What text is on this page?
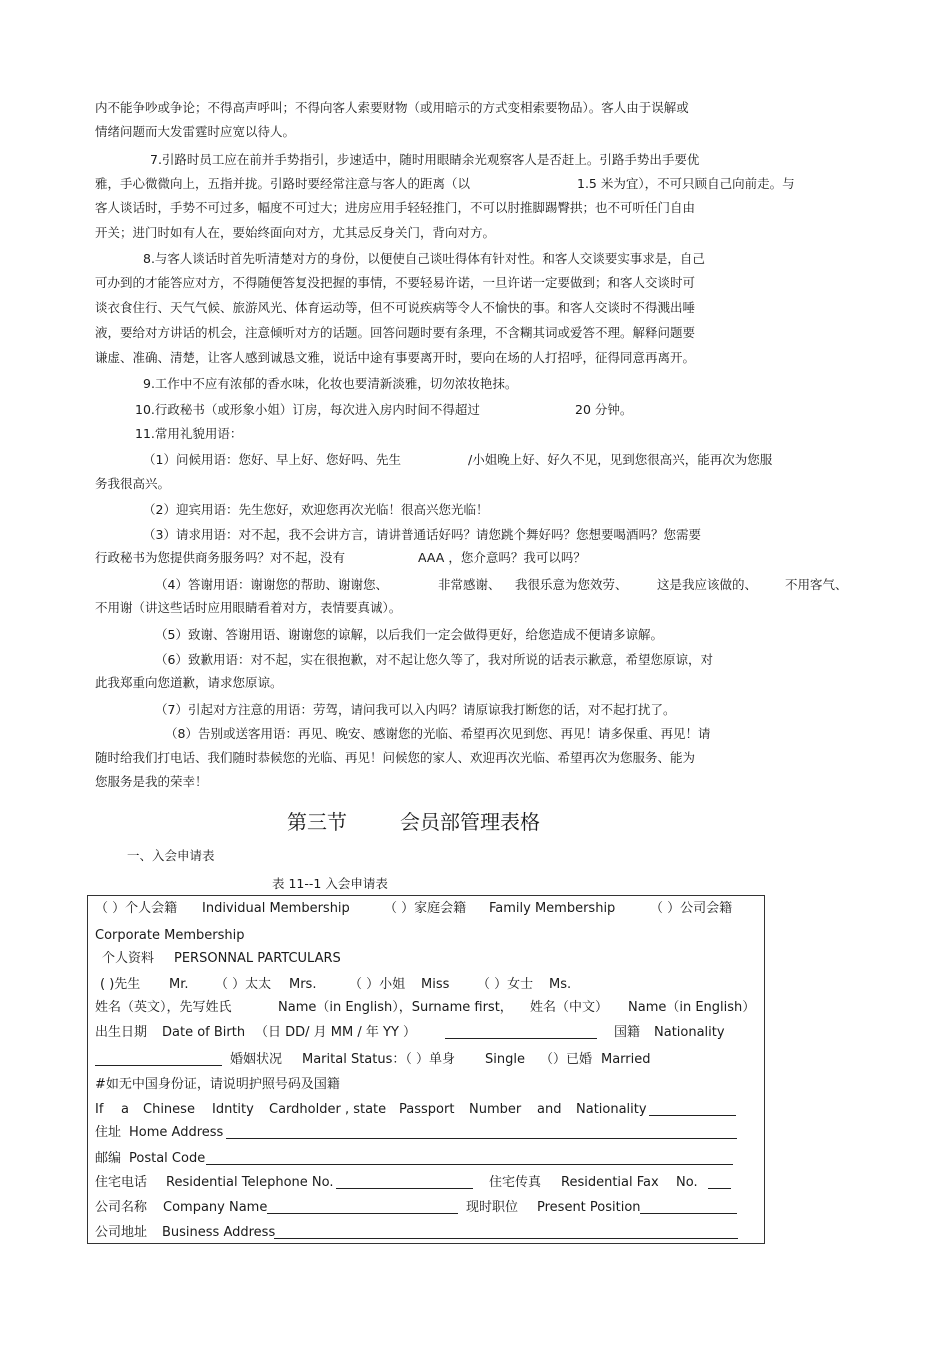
内不能争吵或争论；不得高声呼叫；不得向客人索要财物（或用暗示的方式变相索要物品）。客人由于误解或
情绪问题而大发雷霆时应宽以待人。
7.引路时员工应在前并手势指引，步速适中，随时用眼睛余光观察客人是否赶上。引路手势出手要优
雅，手心微微向上，五指并拢。引路时要经常注意与客人的距离（以	1.5 米为宜），不可只顾自己向前走。与
客人谈话时，手势不可过多，幅度不可过大；进房应用手轻轻推门，不可以肘推脚踢臀拱；也不可听任门自由
开关；进门时如有人在，要始终面向对方，尤其忌反身关门，背向对方。
8.与客人谈话时首先听清楚对方的身份，以便使自己谈吐得体有针对性。和客人交谈要实事求是，自己
可办到的才能答应对方，不得随便答复没把握的事情，不要轻易许诺，一旦许诺一定要做到；和客人交谈时可
谈衣食住行、天气气候、旅游风光、体育运动等，但不可说疾病等令人不愉快的事。和客人交谈时不得溅出唾
液，要给对方讲话的机会，注意倾听对方的话题。回答问题时要有条理，不含糊其词或爱答不理。解释问题要
谦虚、准确、清楚，让客人感到诚恳文雅，说话中途有事要离开时，要向在场的人打招呼，征得同意再离开。
9.工作中不应有浓郁的香水味，化妆也要清新淡雅，切勿浓妆艳抹。
10.行政秘书（或形象小姐）订房，每次进入房内时间不得超过	20 分钟。
11.常用礼貌用语：
（1）问候用语：您好、早上好、您好吗、先生	/小姐晚上好、好久不见，见到您很高兴，能再次为您服
务我很高兴。
（2）迎宾用语：先生您好，欢迎您再次光临！很高兴您光临！
（3）请求用语：对不起，我不会讲方言，请讲普通话好吗？请您跳个舞好吗？您想要喝酒吗？您需要
行政秘书为您提供商务服务吗？对不起，没有	AAA ，您介意吗？我可以吗？
（4）答谢用语：谢谢您的帮助、谢谢您、	非常感谢、 我很乐意为您效劳、 这是我应该做的、 不用客气、
不用谢（讲这些话时应用眼睛看着对方，表情要真诚）。
（5）致谢、答谢用语、谢谢您的谅解，以后我们一定会做得更好，给您造成不便请多谅解。
（6）致歉用语：对不起，实在很抱歉，对不起让您久等了，我对所说的话表示歉意，希望您原谅，对
此我郑重向您道歉，请求您原谅。
（7）引起对方注意的用语：劳驾，请问我可以入内吗？请原谅我打断您的话，对不起打扰了。
（8）告别或送客用语：再见、晚安、感谢您的光临、希望再次见到您、再见！请多保重、再见！请
随时给我们打电话、我们随时恭候您的光临、再见！问候您的家人、欢迎再次光临、希望再次为您服务、能为
您服务是我的荣幸！
第三节	会员部管理表格
一、入会申请表
表 11--1 入会申请表
（ ）个人会籍 Individual Membership	（ ）家庭会籍 Family Membership	（ ）公司会籍
Corporate Membership
个人资料 PERSONNAL PARTCULARS
( )先生 Mr. （ ）太太 Mrs.	（ ）小姐 Miss （ ）女士 Ms.
姓名（英文），先写姓氏	Name（in English），Surname first， 姓名（中文） Name（in English）
出生日期 Date of Birth （日 DD/ 月 MM / 年 YY ）	国籍 Nationality
婚姻状况 Marital Status：（ ）单身 Single （）已婚 Married
#如无中国身份证，请说明护照号码及国籍
If a Chinese Idntity Cardholder , state Passport Number and Nationality
住址 Home Address
邮编 Postal Code
住宅电话 Residential Telephone No.	住宅传真 Residential Fax No.
公司名称 Company Name	现时职位 Present Position
公司地址 Business Address
